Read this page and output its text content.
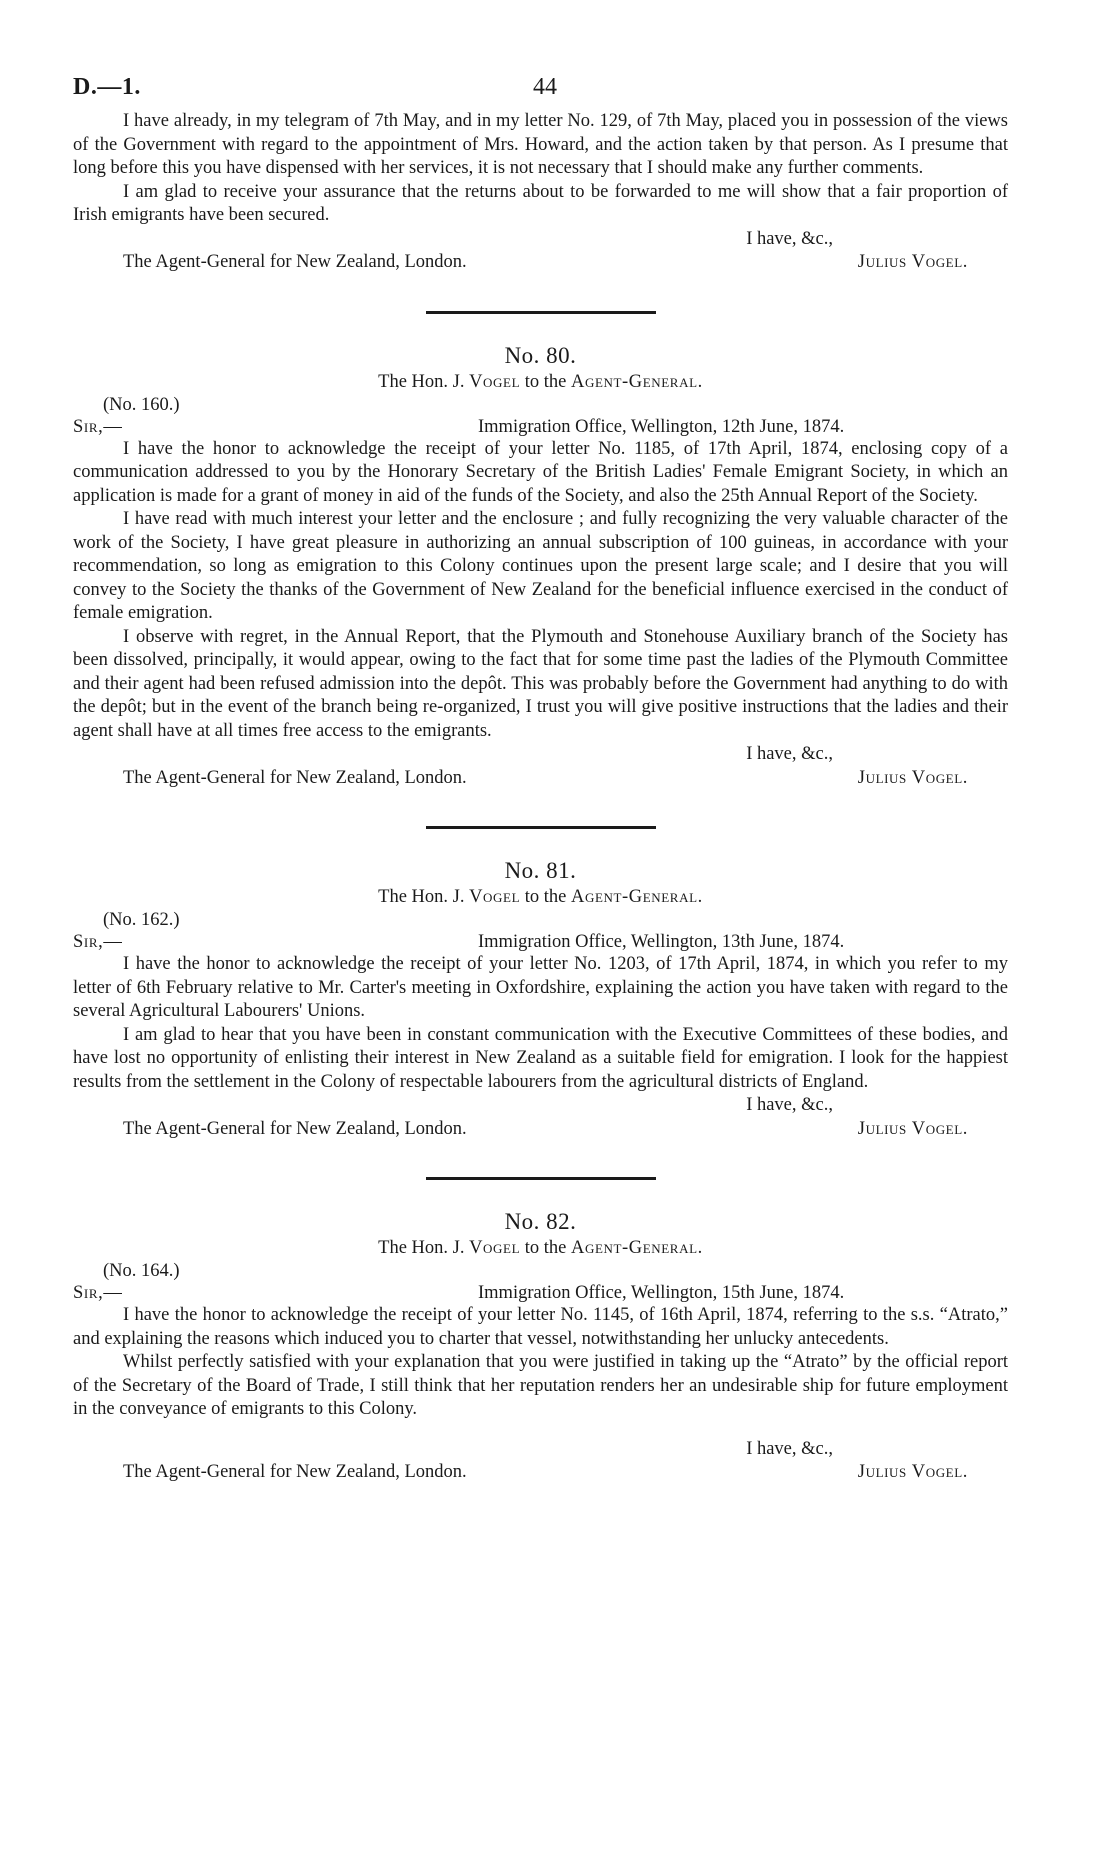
D.—1.	44

I have already, in my telegram of 7th May, and in my letter No. 129, of 7th May, placed you in possession of the views of the Government with regard to the appointment of Mrs. Howard, and the action taken by that person. As I presume that long before this you have dispensed with her services, it is not necessary that I should make any further comments.

I am glad to receive your assurance that the returns about to be forwarded to me will show that a fair proportion of Irish emigrants have been secured.

I have, &c.,
The Agent-General for New Zealand, London.	Julius Vogel.
No. 80.
The Hon. J. Vogel to the Agent-General.
(No. 160.)
Sir,—	Immigration Office, Wellington, 12th June, 1874.

I have the honor to acknowledge the receipt of your letter No. 1185, of 17th April, 1874, enclosing copy of a communication addressed to you by the Honorary Secretary of the British Ladies' Female Emigrant Society, in which an application is made for a grant of money in aid of the funds of the Society, and also the 25th Annual Report of the Society.

I have read with much interest your letter and the enclosure ; and fully recognizing the very valuable character of the work of the Society, I have great pleasure in authorizing an annual subscription of 100 guineas, in accordance with your recommendation, so long as emigration to this Colony continues upon the present large scale; and I desire that you will convey to the Society the thanks of the Government of New Zealand for the beneficial influence exercised in the conduct of female emigration.

I observe with regret, in the Annual Report, that the Plymouth and Stonehouse Auxiliary branch of the Society has been dissolved, principally, it would appear, owing to the fact that for some time past the ladies of the Plymouth Committee and their agent had been refused admission into the depôt. This was probably before the Government had anything to do with the depôt; but in the event of the branch being re-organized, I trust you will give positive instructions that the ladies and their agent shall have at all times free access to the emigrants.

I have, &c.,
The Agent-General for New Zealand, London.	Julius Vogel.
No. 81.
The Hon. J. Vogel to the Agent-General.
(No. 162.)
Sir,—	Immigration Office, Wellington, 13th June, 1874.

I have the honor to acknowledge the receipt of your letter No. 1203, of 17th April, 1874, in which you refer to my letter of 6th February relative to Mr. Carter's meeting in Oxfordshire, explaining the action you have taken with regard to the several Agricultural Labourers' Unions.

I am glad to hear that you have been in constant communication with the Executive Committees of these bodies, and have lost no opportunity of enlisting their interest in New Zealand as a suitable field for emigration. I look for the happiest results from the settlement in the Colony of respectable labourers from the agricultural districts of England.

I have, &c.,
The Agent-General for New Zealand, London.	Julius Vogel.
No. 82.
The Hon. J. Vogel to the Agent-General.
(No. 164.)
Sir,—	Immigration Office, Wellington, 15th June, 1874.

I have the honor to acknowledge the receipt of your letter No. 1145, of 16th April, 1874, referring to the s.s. “Atrato,” and explaining the reasons which induced you to charter that vessel, notwithstanding her unlucky antecedents.

Whilst perfectly satisfied with your explanation that you were justified in taking up the “Atrato” by the official report of the Secretary of the Board of Trade, I still think that her reputation renders her an undesirable ship for future employment in the conveyance of emigrants to this Colony.

I have, &c.,
The Agent-General for New Zealand, London.	Julius Vogel.
